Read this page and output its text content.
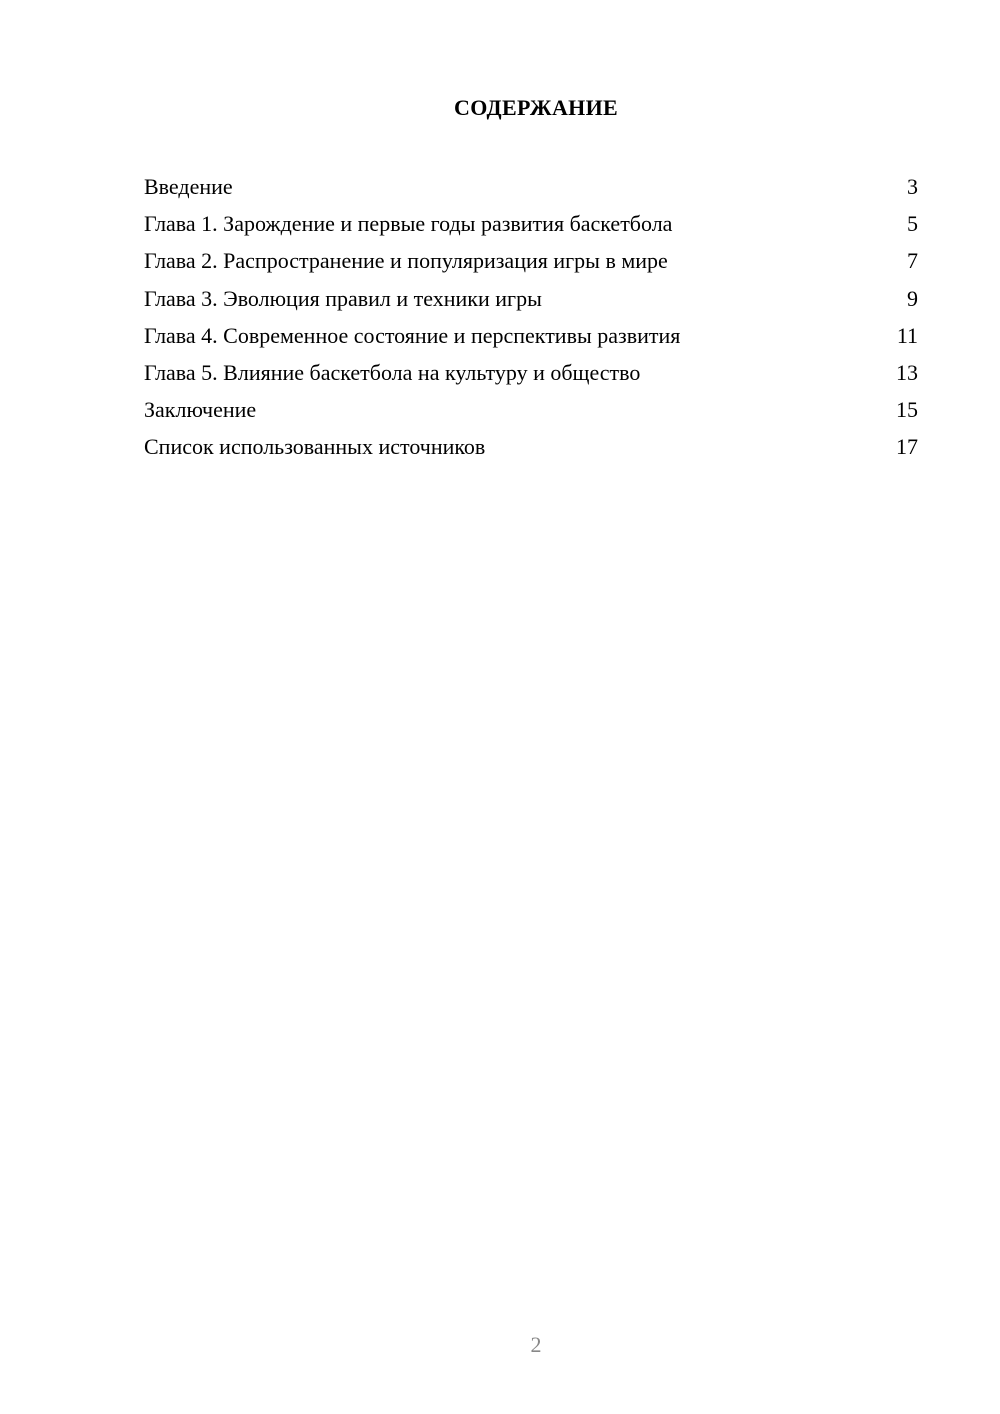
СОДЕРЖАНИЕ
Введение	3
Глава 1. Зарождение и первые годы развития баскетбола	5
Глава 2. Распространение и популяризация игры в мире	7
Глава 3. Эволюция правил и техники игры	9
Глава 4. Современное состояние и перспективы развития	11
Глава 5. Влияние баскетбола на культуру и общество	13
Заключение	15
Список использованных источников	17
2
